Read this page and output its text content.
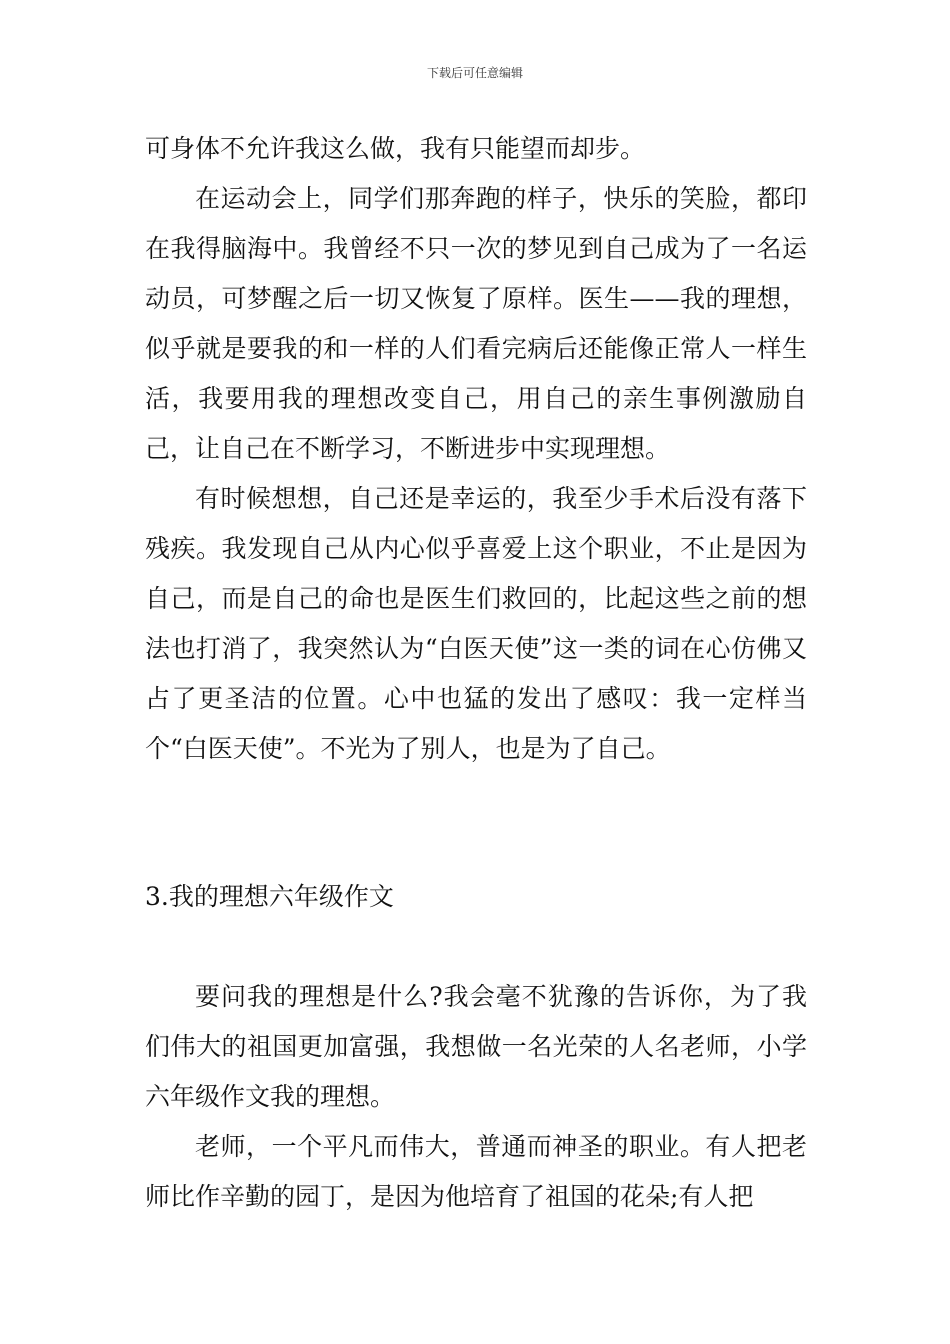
下载后可任意编辑

可身体不允许我这么做，我有只能望而却步。

在运动会上，同学们那奔跑的样子，快乐的笑脸，都印在我得脑海中。我曾经不只一次的梦见到自己成为了一名运动员，可梦醒之后一切又恢复了原样。医生——我的理想，似乎就是要我的和一样的人们看完病后还能像正常人一样生活，我要用我的理想改变自己，用自己的亲生事例激励自己，让自己在不断学习，不断进步中实现理想。

有时候想想，自己还是幸运的，我至少手术后没有落下残疾。我发现自己从内心似乎喜爱上这个职业，不止是因为自己，而是自己的命也是医生们救回的，比起这些之前的想法也打消了，我突然认为“白医天使”这一类的词在心仿佛又占了更圣洁的位置。心中也猛的发出了感叹：我一定样当个“白医天使”。不光为了别人，也是为了自己。

3.我的理想六年级作文

要问我的理想是什么?我会毫不犹豫的告诉你，为了我们伟大的祖国更加富强，我想做一名光荣的人名老师，小学六年级作文我的理想。

老师，一个平凡而伟大，普通而神圣的职业。有人把老师比作辛勤的园丁，是因为他培育了祖国的花朵;有人把
